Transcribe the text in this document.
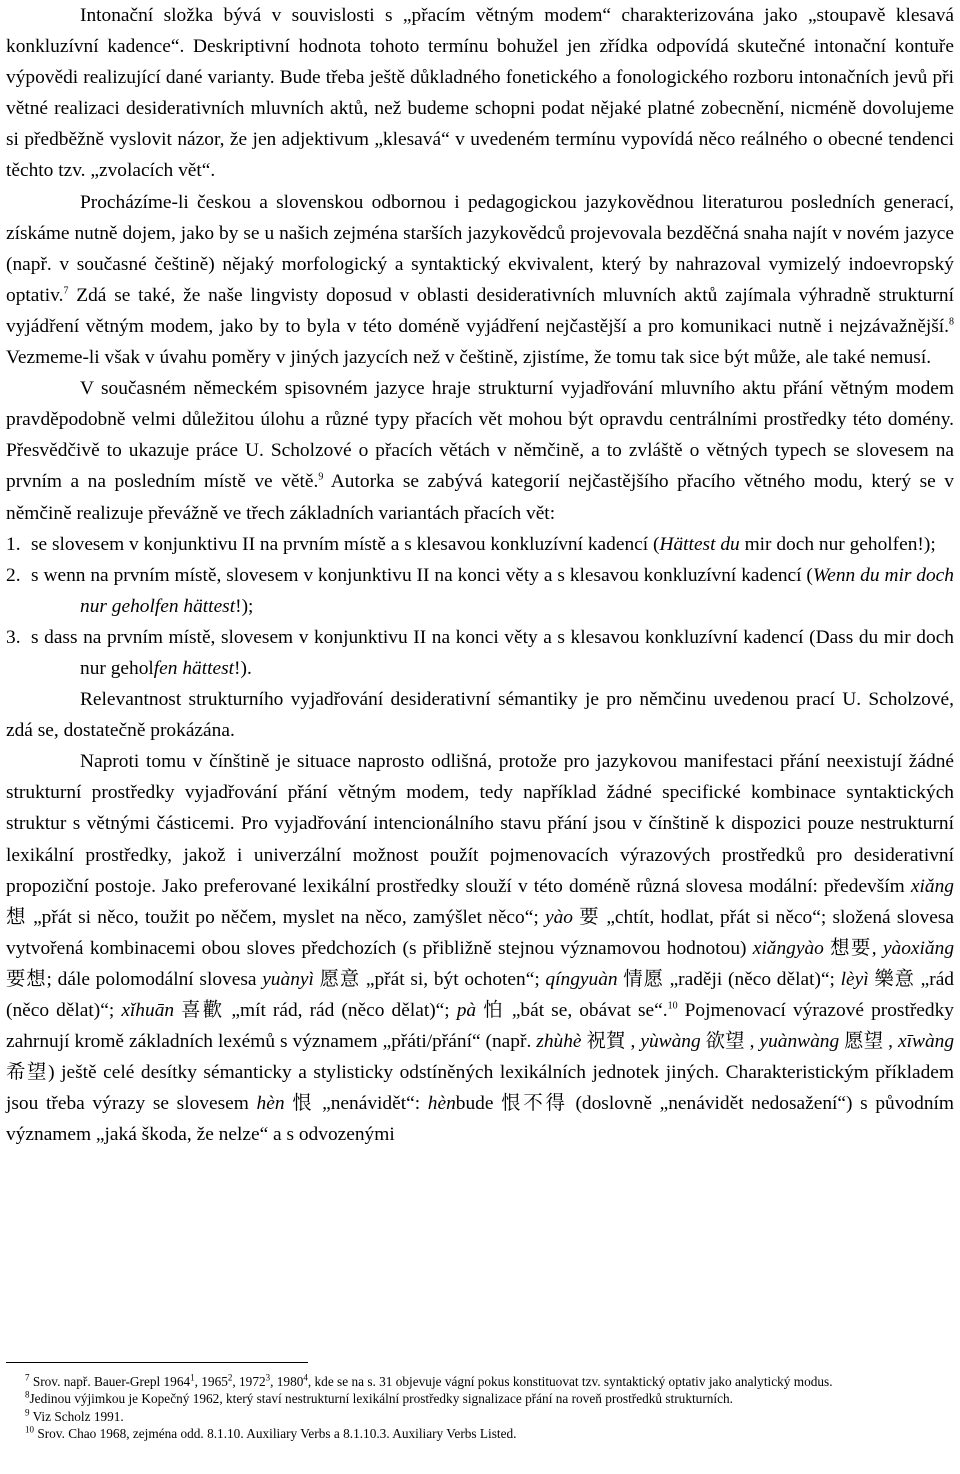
Intonační složka bývá v souvislosti s „přacím větným modem“ charakterizována jako „stoupavě klesavá konkluzívní kadence“. Deskriptivní hodnota tohoto termínu bohužel jen zřídka odpovídá skutečné intonační kontuře výpovědi realizující dané varianty. Bude třeba ještě důkladného fonetického a fonologického rozboru intonačních jevů při větné realizaci desiderativních mluvních aktů, než budeme schopni podat nějaké platné zobecnění, nicméně dovolujeme si předběžně vyslovit názor, že jen adjektivum „klesavá“ v uvedeném termínu vypovídá něco reálného o obecné tendenci těchto tzv. „zvolacích vět“.

Procházíme-li českou a slovenskou odbornou i pedagogickou jazykovědnou literaturou posledních generací, získáme nutně dojem, jako by se u našich zejména starších jazykovědců projevovala bezděčná snaha najít v novém jazyce (např. v současné češtině) nějaký morfologický a syntaktický ekvivalent, který by nahrazoval vymizelý indoevropský optativ.$^7$ Zdá se také, že naše lingvisty doposud v oblasti desiderativních mluvních aktů zajímala výhradně strukturní vyjádření větným modem, jako by to byla v této doméně vyjádření nejčastější a pro komunikaci nutně i nejzávažnější.$^8$ Vezmeme-li však v úvahu poměry v jiných jazycích než v češtině, zjistíme, že tomu tak sice být může, ale také nemusí.

V současném německém spisovném jazyce hraje strukturní vyjadřování mluvního aktu přání větným modem pravděpodobně velmi důležitou úlohu a různé typy přacích vět mohou být opravdu centrálními prostředky této domény. Přesvědčivě to ukazuje práce U. Scholzové o přacích větách v němčině, a to zvláště o větných typech se slovesem na prvním a na posledním místě ve větě.$^9$ Autorka se zabývá kategorií nejčastějšího přacího větného modu, který se v němčině realizuje převážně ve třech základních variantách přacích vět:

1. se slovesem v konjunktivu II na prvním místě a s klesavou konkluzívní kadencí (Hättest du mir doch nur geholfen!);

2. s wenn na prvním místě, slovesem v konjunktivu II na konci věty a s klesavou konkluzívní kadencí (Wenn du mir doch nur geholfen hättest!);

3. s dass na prvním místě, slovesem v konjunktivu II na konci věty a s klesavou konkluzívní kadencí (Dass du mir doch nur geholfen hättest!).

Relevantnost strukturního vyjadřování desiderativní sémantiky je pro němčinu uvedenou prací U. Scholzové, zdá se, dostatečně prokázána.

Naproti tomu v čínštině je situace naprosto odlišná, protože pro jazykovou manifestaci přání neexistují žádné strukturní prostředky vyjadřování přání větným modem, tedy například žádné specifické kombinace syntaktických struktur s větnými částicemi. Pro vyjadřování intencionálního stavu přání jsou v čínštině k dispozici pouze nestrukturní lexikální prostředky, jakož i univerzální možnost použít pojmenovacích výrazových prostředků pro desiderativní propoziční postoje. Jako preferované lexikální prostředky slouží v této doméně různá slovesa modální: především xiǎng 想 „přát si něco, toužit po něčem, myslet na něco, zamýšlet něco“; yào 要 „chtít, hodlat, přát si něco“; složená slovesa vytvořená kombinacemi obou sloves předchozích (s přibližně stejnou významovou hodnotou) xiǎngyào 想要, yàoxiǎng 要想; dále polomodální slovesa yuànyì 愿意 „přát si, být ochoten“; qíngyuàn 情愿 „raději (něco dělat)“; lèyì 樂意 „rád (něco dělat)“; xǐhuān 喜歡 „mít rád, rád (něco dělat)“; pà 怕 „bát se, obávat se“.$^{10}$ Pojmenovací výrazové prostředky zahrnují kromě základních lexémů s významem „přáti/přání“ (např. zhùhè 祝賀 , yùwàng 欲望 , yuànwàng 愿望 , xīwàng 希望) ještě celé desítky sémanticky a stylisticky odstíněných lexikálních jednotek jiných. Charakteristickým příkladem jsou třeba výrazy se slovesem hèn 恨 „nenávidět“: hènbude 恨不得 (doslovně „nenávidět nedosažení“) s původním významem „jaká škoda, že nelze“ a s odvozenými

$^7$ Srov. např. Bauer-Grepl 1964$^1$, 1965$^2$, 1972$^3$, 1980$^4$, kde se na s. 31 objevuje vágní pokus konstituovat tzv. syntaktický optativ jako analytický modus.

$^8$Jedinou výjimkou je Kopečný 1962, který staví nestrukturní lexikální prostředky signalizace přání na roveň prostředků strukturních.

$^9$ Viz Scholz 1991.

$^{10}$ Srov. Chao 1968, zejména odd. 8.1.10. Auxiliary Verbs a 8.1.10.3. Auxiliary Verbs Listed.
